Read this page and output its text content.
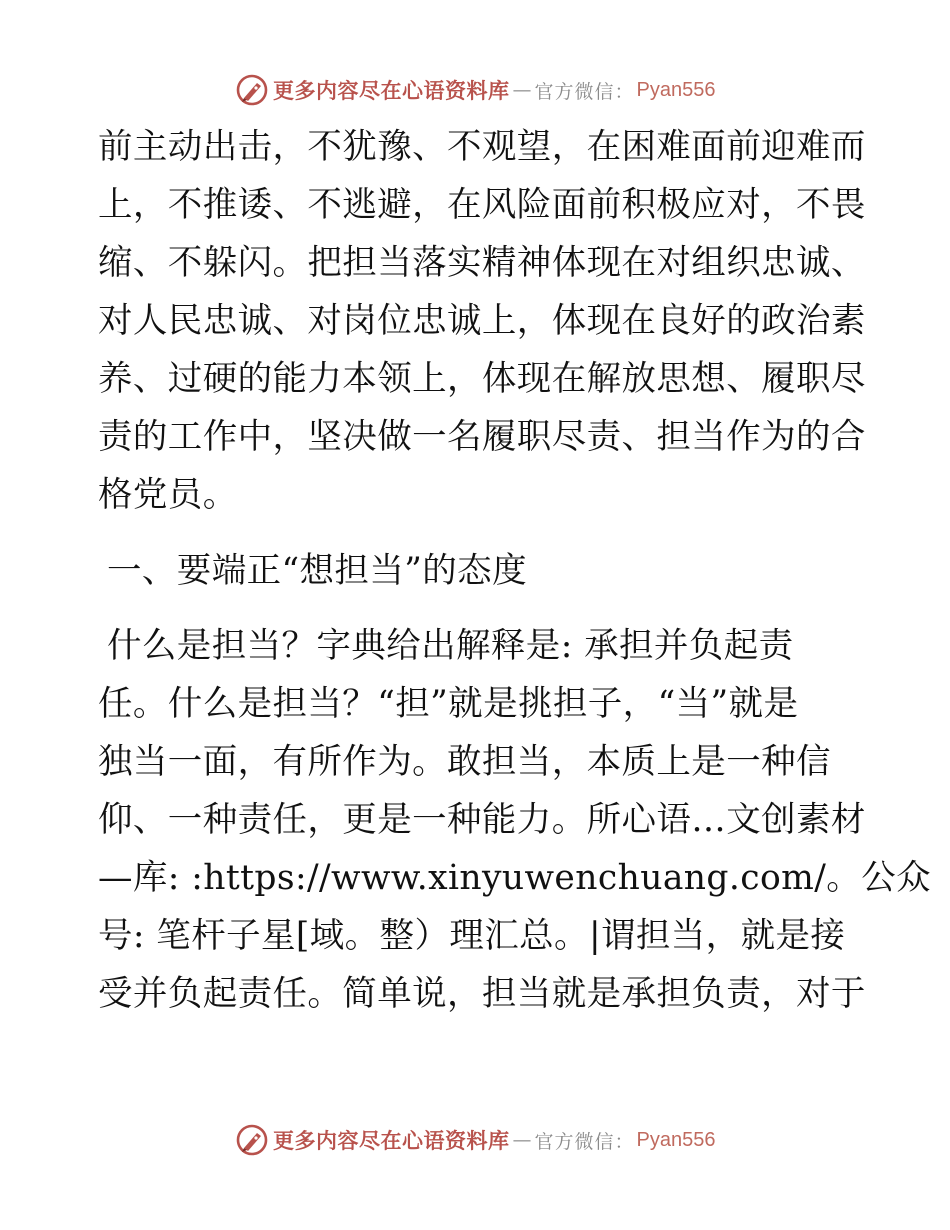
更多内容尽在心语资料库 — 官方微信： Pyan556
前主动出击，不犹豫、不观望，在困难面前迎难而
上，不推诿、不逃避，在风险面前积极应对，不畏
缩、不躲闪。把担当落实精神体现在对组织忠诚、
对人民忠诚、对岗位忠诚上，体现在良好的政治素
养、过硬的能力本领上，体现在解放思想、履职尽
责的工作中，坚决做一名履职尽责、担当作为的合
格党员。
一、要端正“想担当”的态度
什么是担当？字典给出解释是: 承担并负起责
任。什么是担当？“担”就是挑担子，“当”就是
独当一面，有所作为。敢担当，本质上是一种信
仰、一种责任，更是一种能力。所心语…文创素材
—库: :https://www.xinyuwenchuang.com/。公众
号: 笔杆子星[域。整）理汇总。|谓担当，就是接
受并负起责任。简单说，担当就是承担负责，对于
更多内容尽在心语资料库 — 官方微信： Pyan556
